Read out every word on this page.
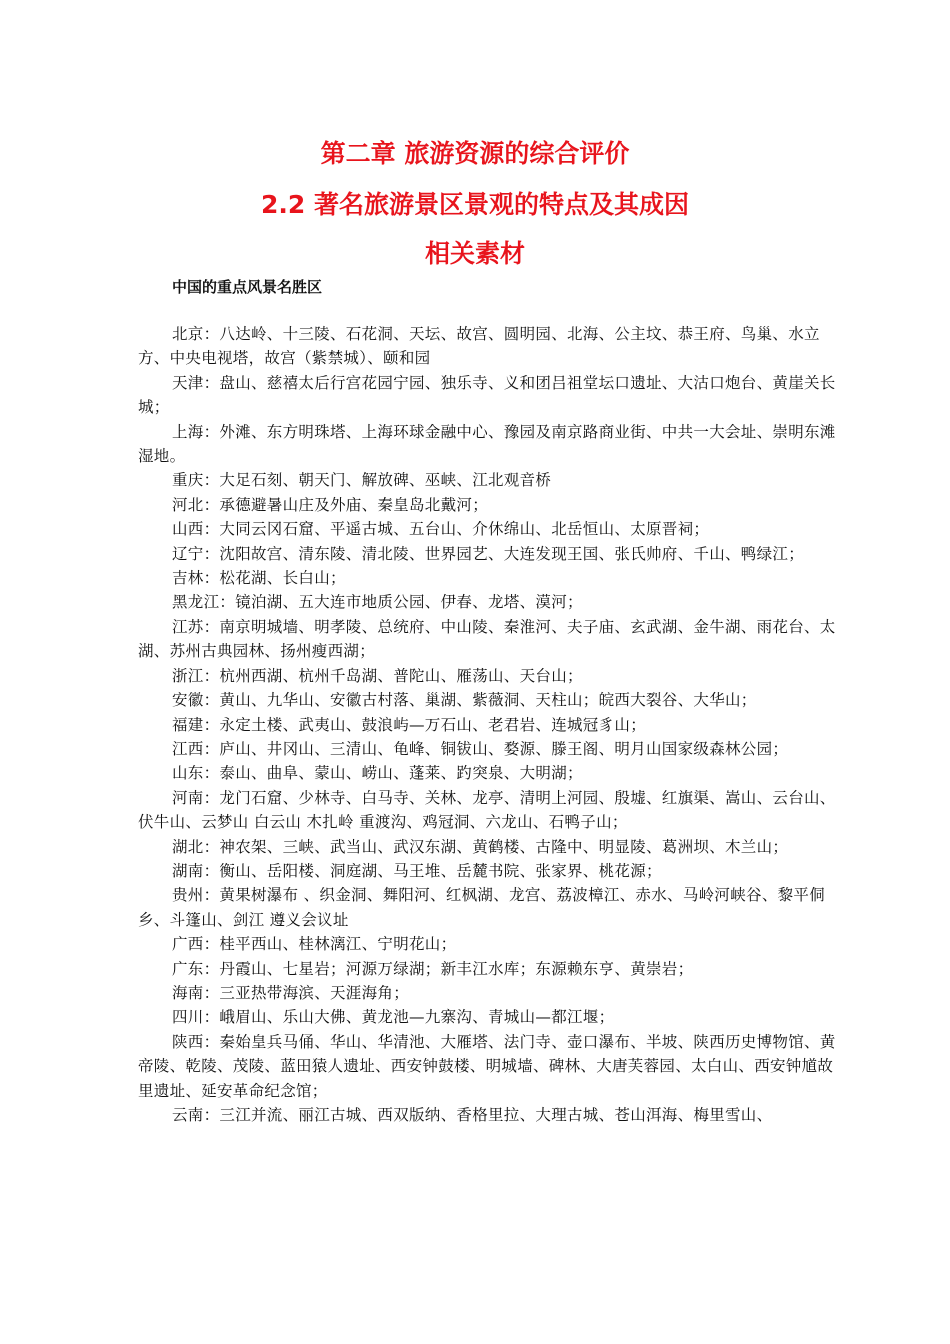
第二章 旅游资源的综合评价
2.2 著名旅游景区景观的特点及其成因
相关素材
中国的重点风景名胜区

北京：八达岭、十三陵、石花洞、天坛、故宫、圆明园、北海、公主坟、恭王府、鸟巢、水立方、中央电视塔，故宫（紫禁城）、颐和园

天津：盘山、慈禧太后行宫花园宁园、独乐寺、义和团吕祖堂坛口遗址、大沽口炮台、黄崖关长城；

上海：外滩、东方明珠塔、上海环球金融中心、豫园及南京路商业街、中共一大会址、崇明东滩湿地。

重庆：大足石刻、朝天门、解放碑、巫峡、江北观音桥

河北：承德避暑山庄及外庙、秦皇岛北戴河；

山西：大同云冈石窟、平遥古城、五台山、介休绵山、北岳恒山、太原晋祠；

辽宁：沈阳故宫、清东陵、清北陵、世界园艺、大连发现王国、张氏帅府、千山、鸭绿江；

吉林：松花湖、长白山；

黑龙江：镜泊湖、五大连市地质公园、伊春、龙塔、漠河；

江苏：南京明城墙、明孝陵、总统府、中山陵、秦淮河、夫子庙、玄武湖、金牛湖、雨花台、太湖、苏州古典园林、扬州瘦西湖；

浙江：杭州西湖、杭州千岛湖、普陀山、雁荡山、天台山；

安徽：黄山、九华山、安徽古村落、巢湖、紫薇洞、天柱山；皖西大裂谷、大华山；

福建：永定土楼、武夷山、鼓浪屿—万石山、老君岩、连城冠豸山；

江西：庐山、井冈山、三清山、龟峰、铜钹山、婺源、滕王阁、明月山国家级森林公园；

山东：泰山、曲阜、蒙山、崂山、蓬莱、趵突泉、大明湖；

河南：龙门石窟、少林寺、白马寺、关林、龙亭、清明上河园、殷墟、红旗渠、嵩山、云台山、伏牛山、云梦山 白云山 木扎岭 重渡沟、鸡冠洞、六龙山、石鸭子山；

湖北：神农架、三峡、武当山、武汉东湖、黄鹤楼、古隆中、明显陵、葛洲坝、木兰山；

湖南：衡山、岳阳楼、洞庭湖、马王堆、岳麓书院、张家界、桃花源；

贵州：黄果树瀑布 、织金洞、舞阳河、红枫湖、龙宫、荔波樟江、赤水、马岭河峡谷、黎平侗乡、斗篷山、剑江 遵义会议址

广西：桂平西山、桂林漓江、宁明花山；

广东：丹霞山、七星岩；河源万绿湖；新丰江水库；东源赖东亨、黄崇岩；

海南：三亚热带海滨、天涯海角；

四川：峨眉山、乐山大佛、黄龙池—九寨沟、青城山—都江堰；

陕西：秦始皇兵马俑、华山、华清池、大雁塔、法门寺、壶口瀑布、半坡、陕西历史博物馆、黄帝陵、乾陵、茂陵、蓝田猿人遗址、西安钟鼓楼、明城墙、碑林、大唐芙蓉园、太白山、西安钟馗故里遗址、延安革命纪念馆；

云南：三江并流、丽江古城、西双版纳、香格里拉、大理古城、苍山洱海、梅里雪山、
